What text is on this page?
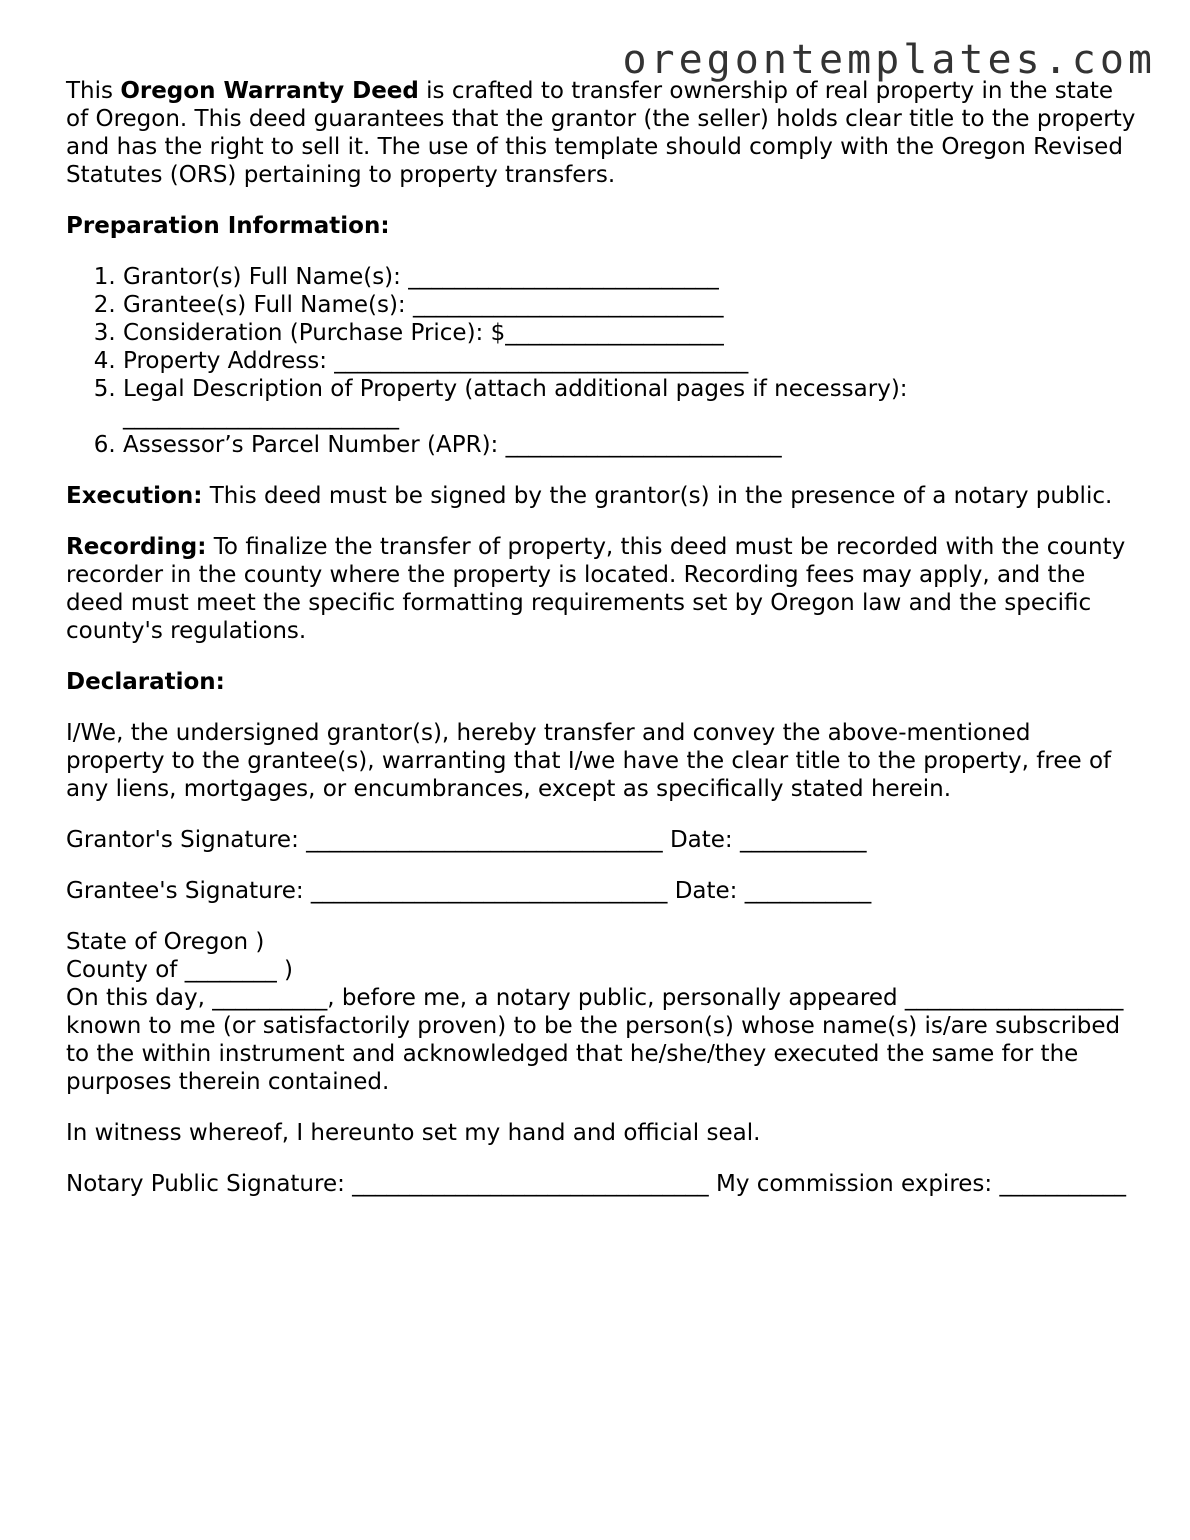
oregontemplates.com

This Oregon Warranty Deed is crafted to transfer ownership of real property in the state of Oregon. This deed guarantees that the grantor (the seller) holds clear title to the property and has the right to sell it. The use of this template should comply with the Oregon Revised Statutes (ORS) pertaining to property transfers.

Preparation Information:

1. Grantor(s) Full Name(s): ___________________________
2. Grantee(s) Full Name(s): ___________________________
3. Consideration (Purchase Price): $___________________
4. Property Address: ____________________________________
5. Legal Description of Property (attach additional pages if necessary): ________________________
6. Assessor’s Parcel Number (APR): ________________________

Execution: This deed must be signed by the grantor(s) in the presence of a notary public.

Recording: To finalize the transfer of property, this deed must be recorded with the county recorder in the county where the property is located. Recording fees may apply, and the deed must meet the specific formatting requirements set by Oregon law and the specific county's regulations.

Declaration:

I/We, the undersigned grantor(s), hereby transfer and convey the above-mentioned property to the grantee(s), warranting that I/we have the clear title to the property, free of any liens, mortgages, or encumbrances, except as specifically stated herein.

Grantor's Signature: _______________________________ Date: ___________

Grantee's Signature: _______________________________ Date: ___________

State of Oregon )

County of ________ )

On this day, __________, before me, a notary public, personally appeared ___________________ known to me (or satisfactorily proven) to be the person(s) whose name(s) is/are subscribed to the within instrument and acknowledged that he/she/they executed the same for the purposes therein contained.

In witness whereof, I hereunto set my hand and official seal.

Notary Public Signature: _______________________________ My commission expires: ___________
